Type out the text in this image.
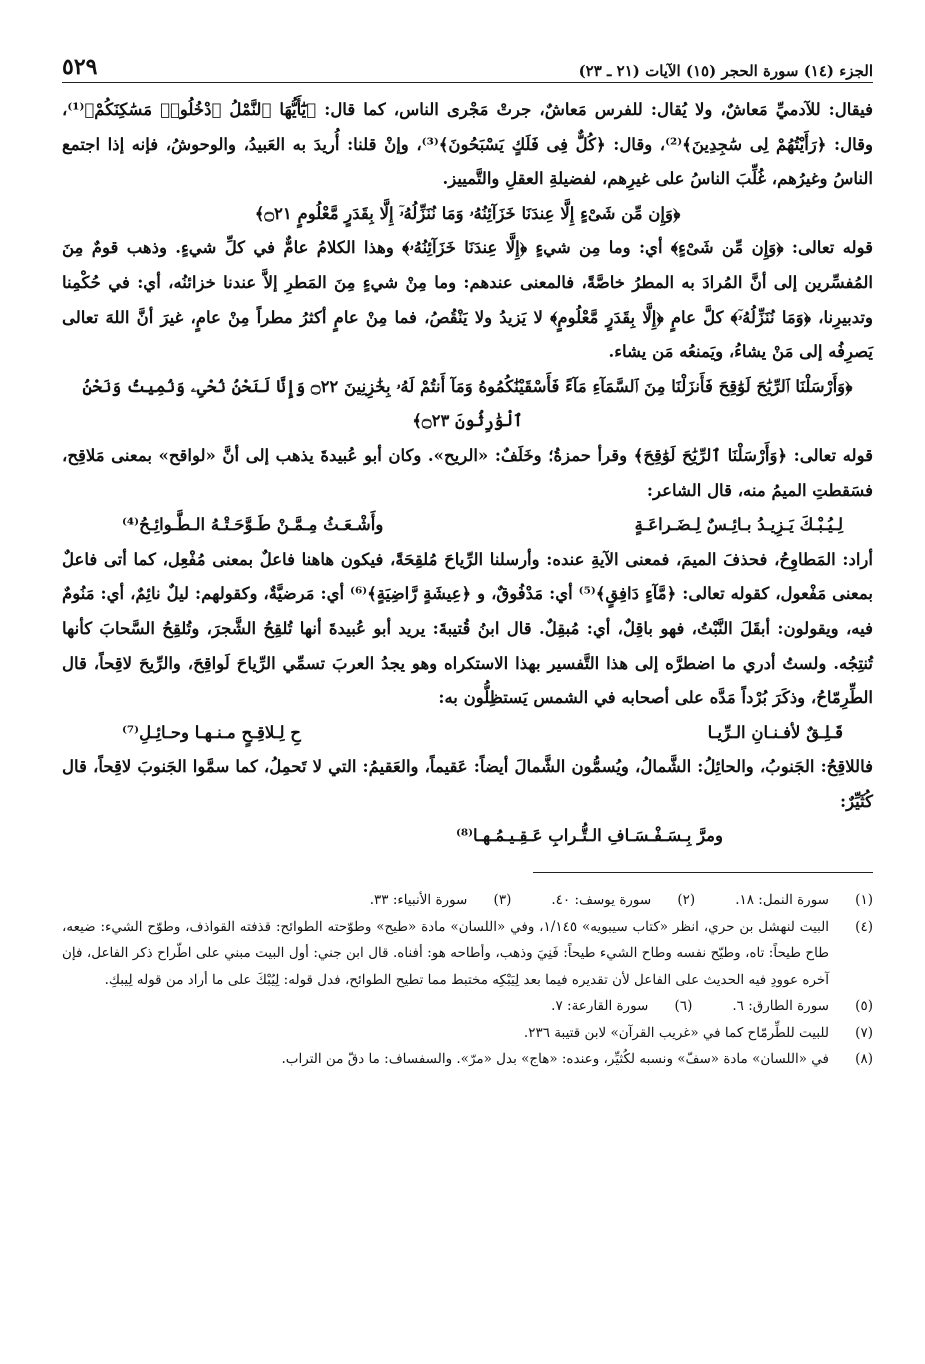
الجزء (١٤) سورة الحجر (١٥) الآيات (٢١ ـ ٢٣)
٥٢٩

فيقال: للآدميِّ مَعاشٌ، ولا يُقال: للفرس مَعاشٌ، جرتْ مَجْرى الناس، كما قال: ﴿يَٰٓأَيُّهَا ٱلنَّمْلُ ٱدْخُلُوا۟ مَسَٰكِنَكُمْ﴾⁽¹⁾، وقال: ﴿رَأَيْتُهُمْ لِى سَٰجِدِينَ﴾⁽²⁾، وقال: ﴿كُلٌّ فِى فَلَكٍ يَسْبَحُونَ﴾⁽³⁾، وإنْ قلنا: أُريدَ به العَبيدُ، والوحوشُ، فإنه إذا اجتمع الناسُ وغيرُهم، غُلِّبَ الناسُ على غيرِهم، لفضيلةِ العقلِ والتَّمييز.

﴿وَإِن مِّن شَىْءٍ إِلَّا عِندَنَا خَزَآئِنُهُۥ وَمَا نُنَزِّلُهُۥٓ إِلَّا بِقَدَرٍ مَّعْلُومٍ ۝٢١﴾

قوله تعالى: ﴿وَإِن مِّن شَىْءٍ﴾ أي: وما مِن شيءٍ ﴿إِلَّا عِندَنَا خَزَآئِنُهُۥ﴾ وهذا الكلامُ عامٌّ في كلِّ شيءٍ. وذهب قومٌ مِنَ المُفسِّرين إلى أنَّ المُرادَ به المطرُ خاصَّةً، فالمعنى عندهم: وما مِنْ شيءٍ مِنَ المَطرِ إلاَّ عندنا خزائنُه، أي: في حُكْمِنا وتدبيرِنا، ﴿وَمَا نُنَزِّلُهُۥٓ﴾ كلَّ عامٍ ﴿إِلَّا بِقَدَرٍ مَّعْلُومٍ﴾ لا يَزيدُ ولا يَنْقُصُ، فما مِنْ عامٍ أكثرُ مطراً مِنْ عامٍ، غيرَ أنَّ اللهَ تعالى يَصرِفُه إلى مَنْ يشاءُ، ويَمنعُه مَن يشاء.

﴿وَأَرْسَلْنَا ٱلرِّيَٰحَ لَوَٰقِحَ فَأَنزَلْنَا مِنَ ٱلسَّمَآءِ مَآءً فَأَسْقَيْنَٰكُمُوهُ وَمَآ أَنتُمْ لَهُۥ بِخَٰزِنِينَ ۝٢٢ وَإِنَّا لَنَحْنُ نُحْىِۦ وَنُمِيتُ وَنَحْنُ ٱلْوَٰرِثُونَ ۝٢٣﴾

قوله تعالى: ﴿وَأَرْسَلْنَا ٱلرِّيَٰحَ لَوَٰقِحَ﴾ وقرأ حمزةُ؛ وخَلَفٌ: «الريح». وكان أبو عُبيدةَ يذهب إلى أنَّ «لواقح» بمعنى مَلاقِح، فسَقطتِ الميمُ منه، قال الشاعر:

لِـيُـبْـكَ يَـزِيـدُ بـائِـسٌ لِـضَـراعَـةٍ
وأَشْـعَـثُ مِـمَّـنْ طَـوَّحَـتْـهُ الـطَّـوائِـحُ⁽⁴⁾

أراد: المَطاوِحُ، فحذفَ الميمَ، فمعنى الآيةِ عنده: وأرسلنا الرِّياحَ مُلقِحَةً، فيكون هاهنا فاعلٌ بمعنى مُفْعِل، كما أتى فاعلٌ بمعنى مَفْعول، كقوله تعالى: ﴿مَّآءٍ دَافِقٍ﴾⁽⁵⁾ أي: مَدْفُوقٌ، و ﴿عِيشَةٍ رَّاضِيَةٍ﴾⁽⁶⁾ أي: مَرضيَّةٌ، وكقولهم: ليلٌ نائِمٌ، أي: مَنُومٌ فيه، ويقولون: أبقَلَ النَّبْتُ، فهو باقِلٌ، أي: مُبقِلٌ. قال ابنُ قُتيبةَ: يريد أبو عُبيدةَ أنها تُلقِحُ الشَّجرَ، وتُلقِحُ السَّحابَ كأنها تُنتِجُه. ولستُ أدري ما اضطرَّه إلى هذا التَّفسير بهذا الاستكراه وهو يجدُ العربَ تسمِّي الرِّياحَ لَواقِحَ، والرِّيحَ لاقِحاً، قال الطِّرِمّاحُ، وذكَرَ بُرْداً مَدَّه على أصحابه في الشمس يَستظِلُّون به:

قَـلِـقٌ لأفـنـانِ الـرِّيـا
حِ لِـلاقِـحٍ مـنـهـا وحـائِـلِ⁽⁷⁾

فاللاقِحُ: الجَنوبُ، والحائِلُ: الشَّمالُ، ويُسمُّون الشَّمالَ أيضاً: عَقيماً، والعَقيمُ: التي لا تَحمِلُ، كما سمَّوا الجَنوبَ لاقِحاً، قال كُثَيِّرٌ:

ومرَّ بِـسَـفْـسَـافِ الـتُّـرابِ عَـقِـيـمُـهـا⁽⁸⁾
(١)
سورة النمل: ١٨.
(٢)
سورة يوسف: ٤٠.
(٣)
سورة الأنبياء: ٣٣.
(٤)
البيت لنهشل بن حري، انظر «كتاب سيبويه» ١/١٤٥، وفي «اللسان» مادة «طيح» وطوّحته الطوائح: قذفته القواذف، وطوّح الشيء: ضيعه، طاح طيحاً: تاه، وطيّح نفسه وطاح الشيء طيحاً: فَنِيَ وذهب، وأطاحه هو: أفناه. قال ابن جني: أول البيت مبني على اطّراح ذكر الفاعل، فإن آخره عوودِ فيه الحديث على الفاعل لأن تقديره فيما بعد لِيَبْكِه مختبط مما تطيح الطوائح، فدل قوله: لِيُبْكَ على ما أراد من قوله لِيبكِ.
(٥)
سورة الطارق: ٦.
(٦)
سورة القارعة: ٧.
(٧)
للبيت للطِّرمّاح كما في «غريب القرآن» لابن قتيبة ٢٣٦.
(٨)
في «اللسان» مادة «سفّ» ونسبه لكُثيِّر، وعنده: «هاج» بدل «مرّ». والسفساف: ما دقّ من التراب.
